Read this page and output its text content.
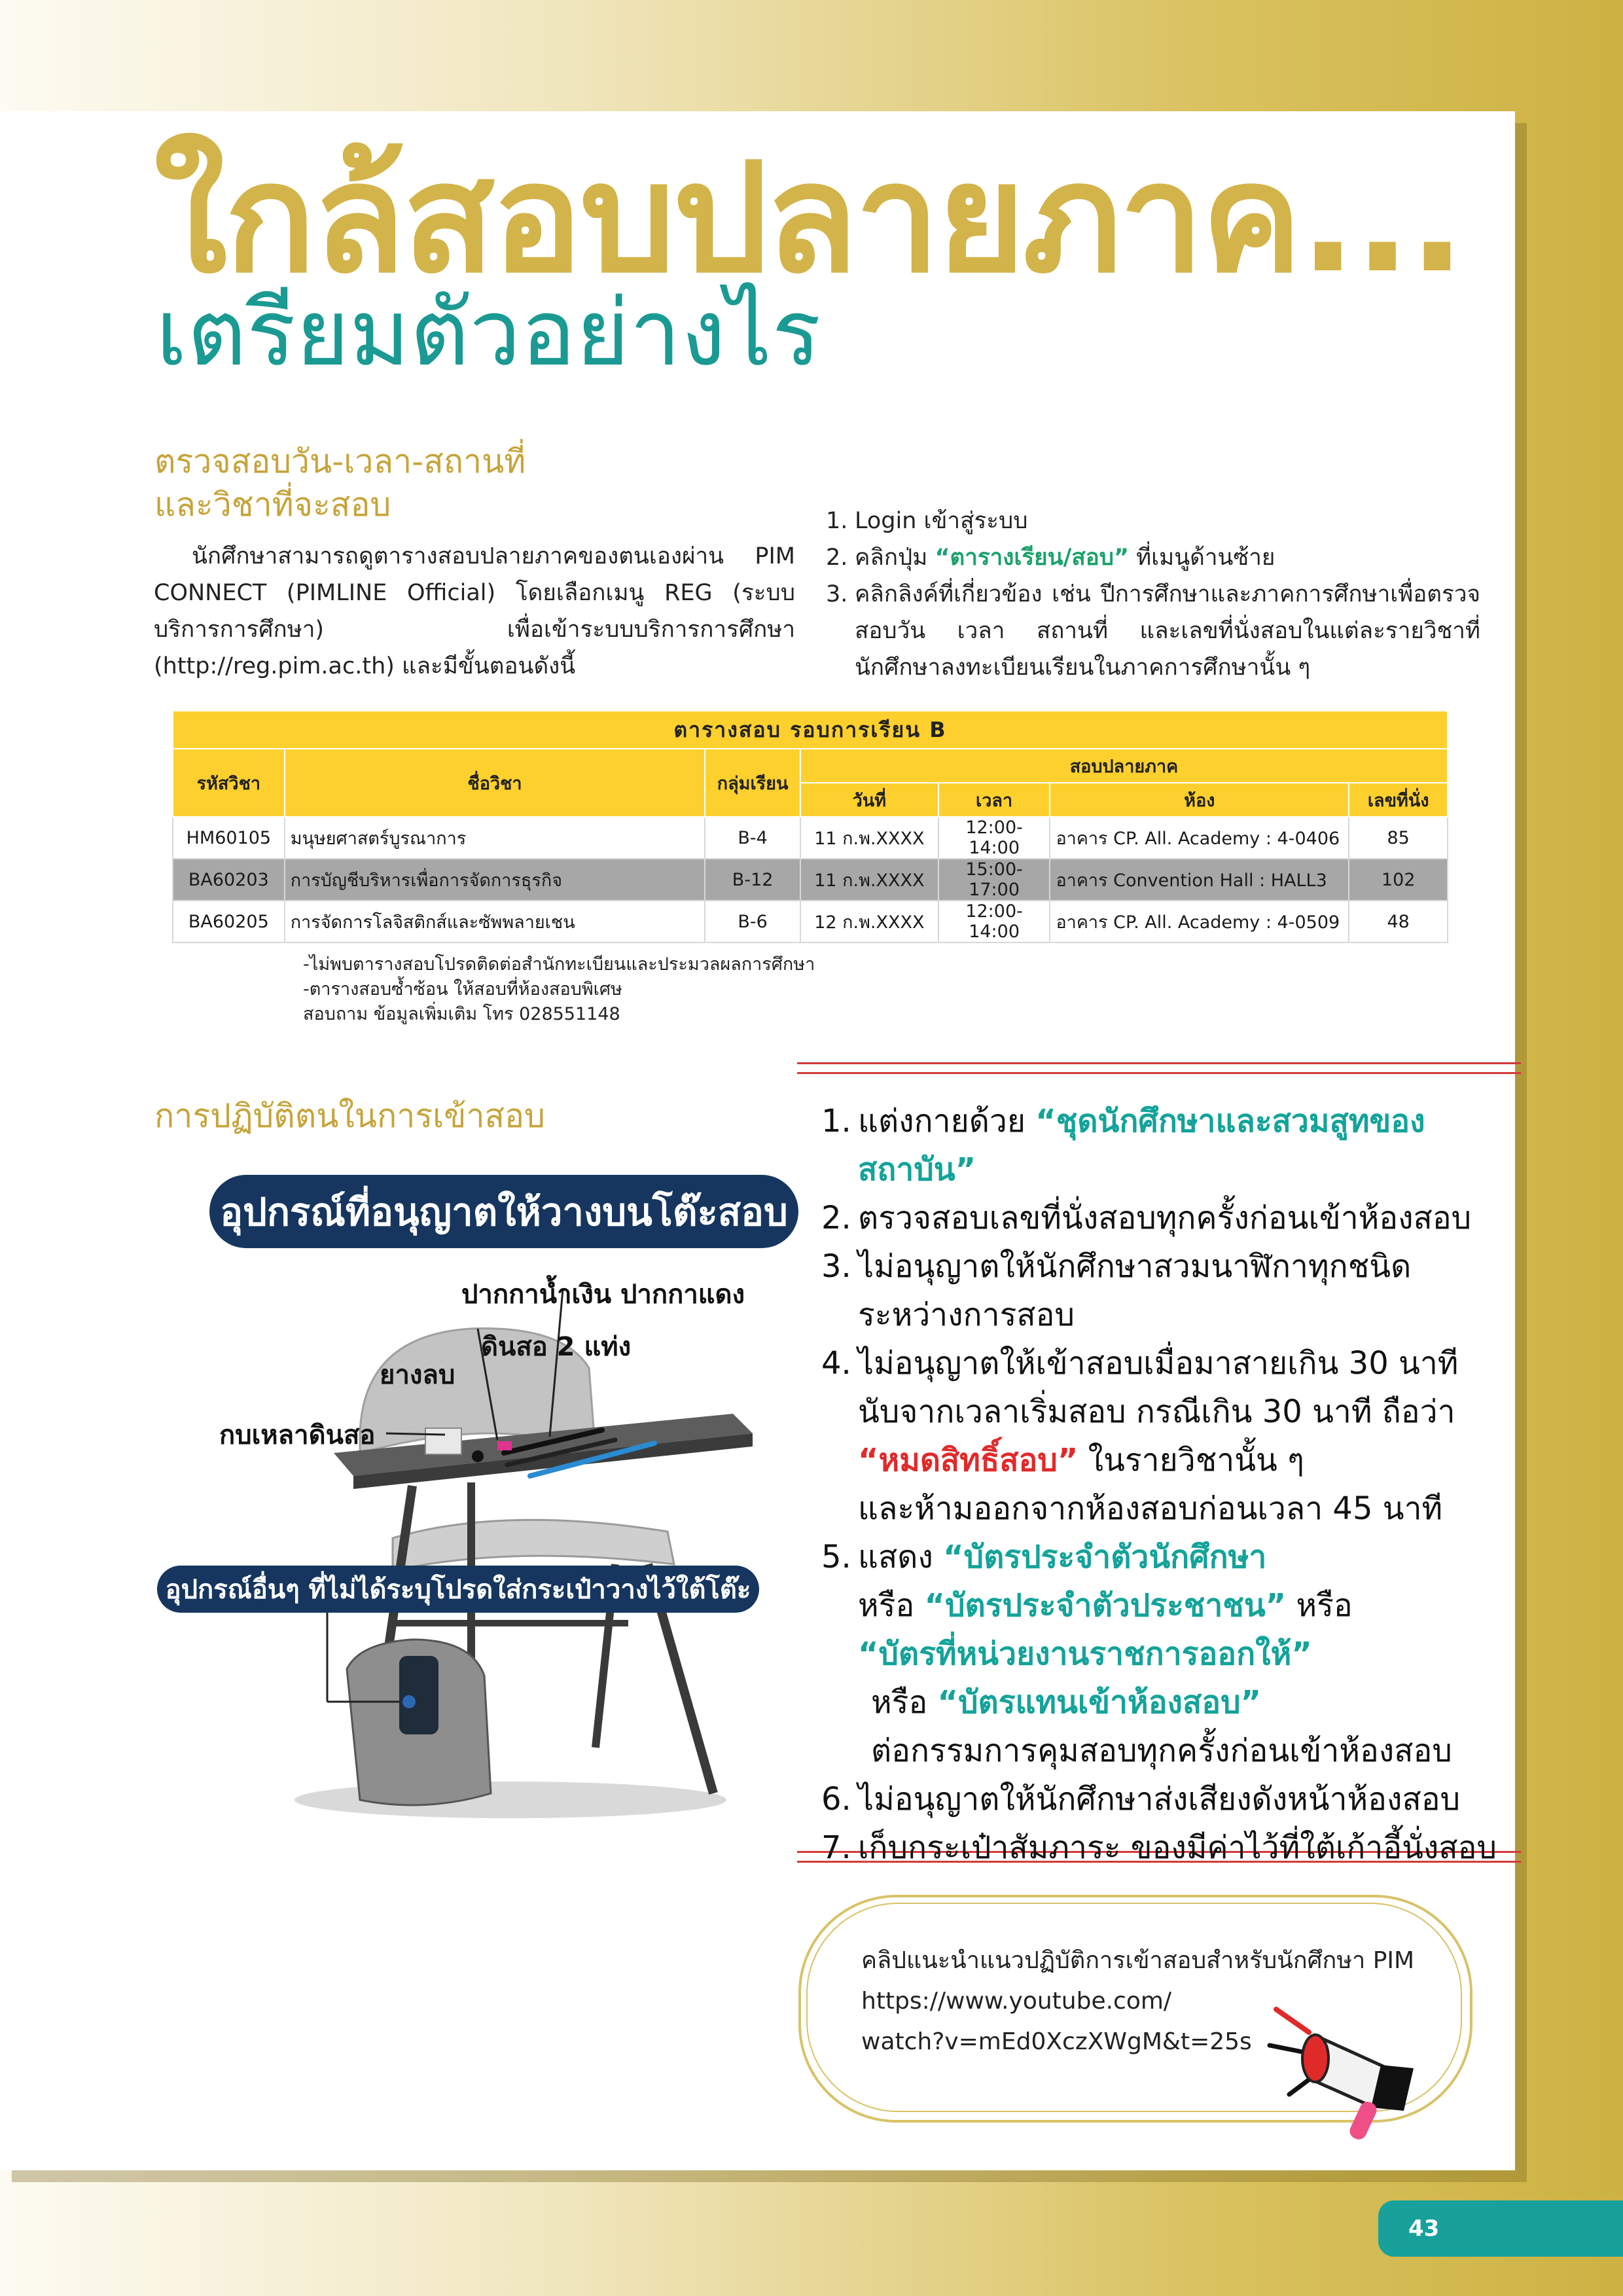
ใกล้สอบปลายภาค...
เตรียมตัวอย่างไร
ตรวจสอบวัน-เวลา-สถานที่
และวิชาที่จะสอบ
นักศึกษาสามารถดูตารางสอบปลายภาคของตนเองผ่าน PIM CONNECT (PIMLINE Official) โดยเลือกเมนู REG (ระบบบริการการศึกษา) เพื่อเข้าระบบบริการการศึกษา (http://reg.pim.ac.th) และมีขั้นตอนดังนี้
1. Login เข้าสู่ระบบ
2. คลิกปุ่ม “ตารางเรียน/สอบ” ที่เมนูด้านซ้าย
3. คลิกลิงค์ที่เกี่ยวข้อง เช่น ปีการศึกษาและภาคการศึกษาเพื่อตรวจสอบวัน เวลา สถานที่ และเลขที่นั่งสอบในแต่ละรายวิชาที่นักศึกษาลงทะเบียนเรียนในภาคการศึกษานั้น ๆ
ตารางสอบ รอบการเรียน B						
รหัสวิชา	ชื่อวิชา	กลุ่มเรียน	สอบปลายภาค			
			วันที่	เวลา	ห้อง	เลขที่นั่ง
HM60105	มนุษยศาสตร์บูรณาการ	B-4	11 ก.พ.XXXX	12:00-14:00	อาคาร CP. All. Academy : 4-0406	85
BA60203	การบัญชีบริหารเพื่อการจัดการธุรกิจ	B-12	11 ก.พ.XXXX	15:00-17:00	อาคาร Convention Hall : HALL3	102
BA60205	การจัดการโลจิสติกส์และซัพพลายเชน	B-6	12 ก.พ.XXXX	12:00-14:00	อาคาร CP. All. Academy : 4-0509	48
-ไม่พบตารางสอบโปรดติดต่อสำนักทะเบียนและประมวลผลการศึกษา
-ตารางสอบซ้ำซ้อน ให้สอบที่ห้องสอบพิเศษ
สอบถาม ข้อมูลเพิ่มเติม โทร 028551148
การปฏิบัติตนในการเข้าสอบ
อุปกรณ์ที่อนุญาตให้วางบนโต๊ะสอบ
ปากกาน้ำเงิน ปากกาแดง
ดินสอ 2 แท่ง
ยางลบ
กบเหลาดินสอ
อุปกรณ์อื่นๆ ที่ไม่ได้ระบุโปรดใส่กระเป๋าวางไว้ใต้โต๊ะ
1. แต่งกายด้วย “ชุดนักศึกษาและสวมสูทของสถาบัน”
2. ตรวจสอบเลขที่นั่งสอบทุกครั้งก่อนเข้าห้องสอบ
3. ไม่อนุญาตให้นักศึกษาสวมนาฬิกาทุกชนิด
ระหว่างการสอบ
4. ไม่อนุญาตให้เข้าสอบเมื่อมาสายเกิน 30 นาที
นับจากเวลาเริ่มสอบ กรณีเกิน 30 นาที ถือว่า
“หมดสิทธิ์สอบ” ในรายวิชานั้น ๆ
และห้ามออกจากห้องสอบก่อนเวลา 45 นาที
5. แสดง “บัตรประจำตัวนักศึกษา
หรือ “บัตรประจำตัวประชาชน” หรือ
“บัตรที่หน่วยงานราชการออกให้”
หรือ “บัตรแทนเข้าห้องสอบ”
ต่อกรรมการคุมสอบทุกครั้งก่อนเข้าห้องสอบ
6. ไม่อนุญาตให้นักศึกษาส่งเสียงดังหน้าห้องสอบ
7. เก็บกระเป๋าสัมภาระ ของมีค่าไว้ที่ใต้เก้าอี้นั่งสอบ
คลิปแนะนำแนวปฏิบัติการเข้าสอบสำหรับนักศึกษา PIM
https://www.youtube.com/
watch?v=mEd0XczXWgM&t=25s
43
